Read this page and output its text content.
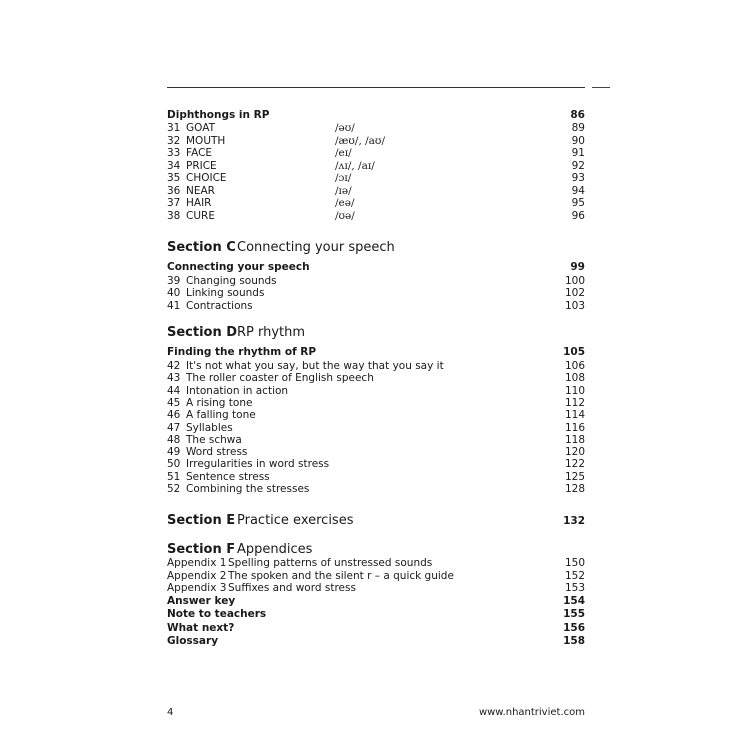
Diphthongs in RP	86
31 GOAT	/əʊ/	89
32 MOUTH	/æʊ/, /aʊ/	90
33 FACE	/eɪ/	91
34 PRICE	/ʌɪ/, /aɪ/	92
35 CHOICE	/ɔɪ/	93
36 NEAR	/ɪə/	94
37 HAIR	/eə/	95
38 CURE	/ʊə/	96
Section C Connecting your speech
Connecting your speech	99
39 Changing sounds	100
40 Linking sounds	102
41 Contractions	103
Section D RP rhythm
Finding the rhythm of RP	105
42 It's not what you say, but the way that you say it	106
43 The roller coaster of English speech	108
44 Intonation in action	110
45 A rising tone	112
46 A falling tone	114
47 Syllables	116
48 The schwa	118
49 Word stress	120
50 Irregularities in word stress	122
51 Sentence stress	125
52 Combining the stresses	128
Section E Practice exercises	132
Section F Appendices
Appendix 1 Spelling patterns of unstressed sounds	150
Appendix 2 The spoken and the silent r – a quick guide	152
Appendix 3 Suffixes and word stress	153
Answer key	154
Note to teachers	155
What next?	156
Glossary	158
4	www.nhantriviet.com
